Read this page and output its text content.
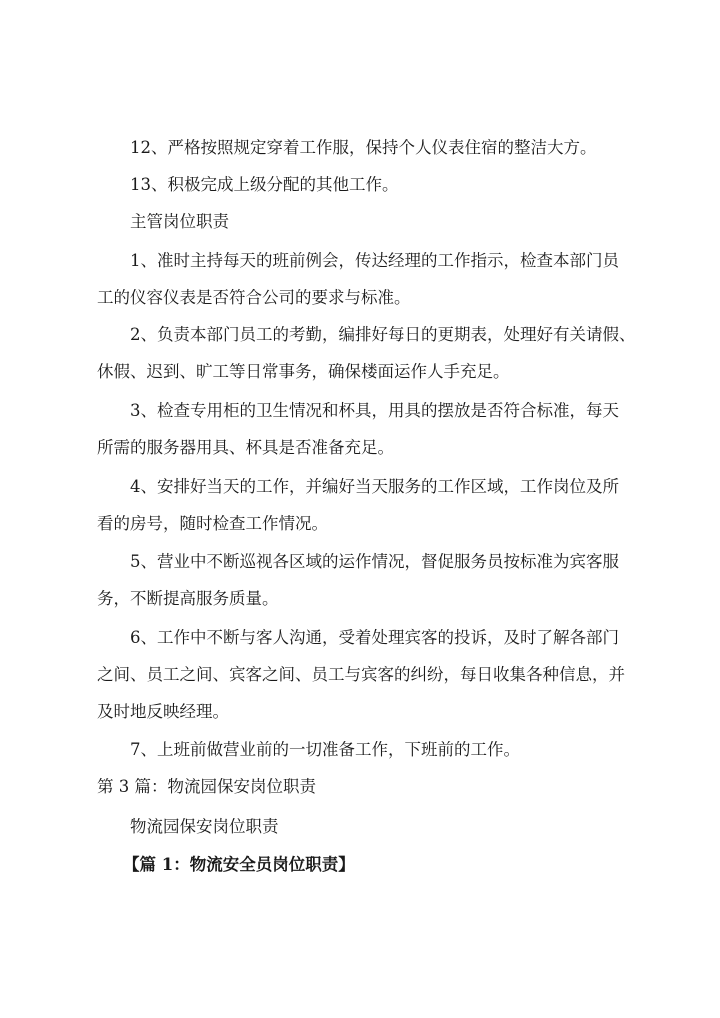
12、严格按照规定穿着工作服，保持个人仪表住宿的整洁大方。

13、积极完成上级分配的其他工作。

主管岗位职责

1、准时主持每天的班前例会，传达经理的工作指示，检查本部门员
工的仪容仪表是否符合公司的要求与标准。

2、负责本部门员工的考勤，编排好每日的更期表，处理好有关请假、
休假、迟到、旷工等日常事务，确保楼面运作人手充足。

3、检查专用柜的卫生情况和杯具，用具的摆放是否符合标准，每天
所需的服务器用具、杯具是否准备充足。

4、安排好当天的工作，并编好当天服务的工作区域，工作岗位及所
看的房号，随时检查工作情况。

5、营业中不断巡视各区域的运作情况，督促服务员按标准为宾客服
务，不断提高服务质量。

6、工作中不断与客人沟通，受着处理宾客的投诉，及时了解各部门
之间、员工之间、宾客之间、员工与宾客的纠纷，每日收集各种信息，并
及时地反映经理。

7、上班前做营业前的一切准备工作，下班前的工作。

第 3 篇：物流园保安岗位职责

物流园保安岗位职责

【篇 1：物流安全员岗位职责】
